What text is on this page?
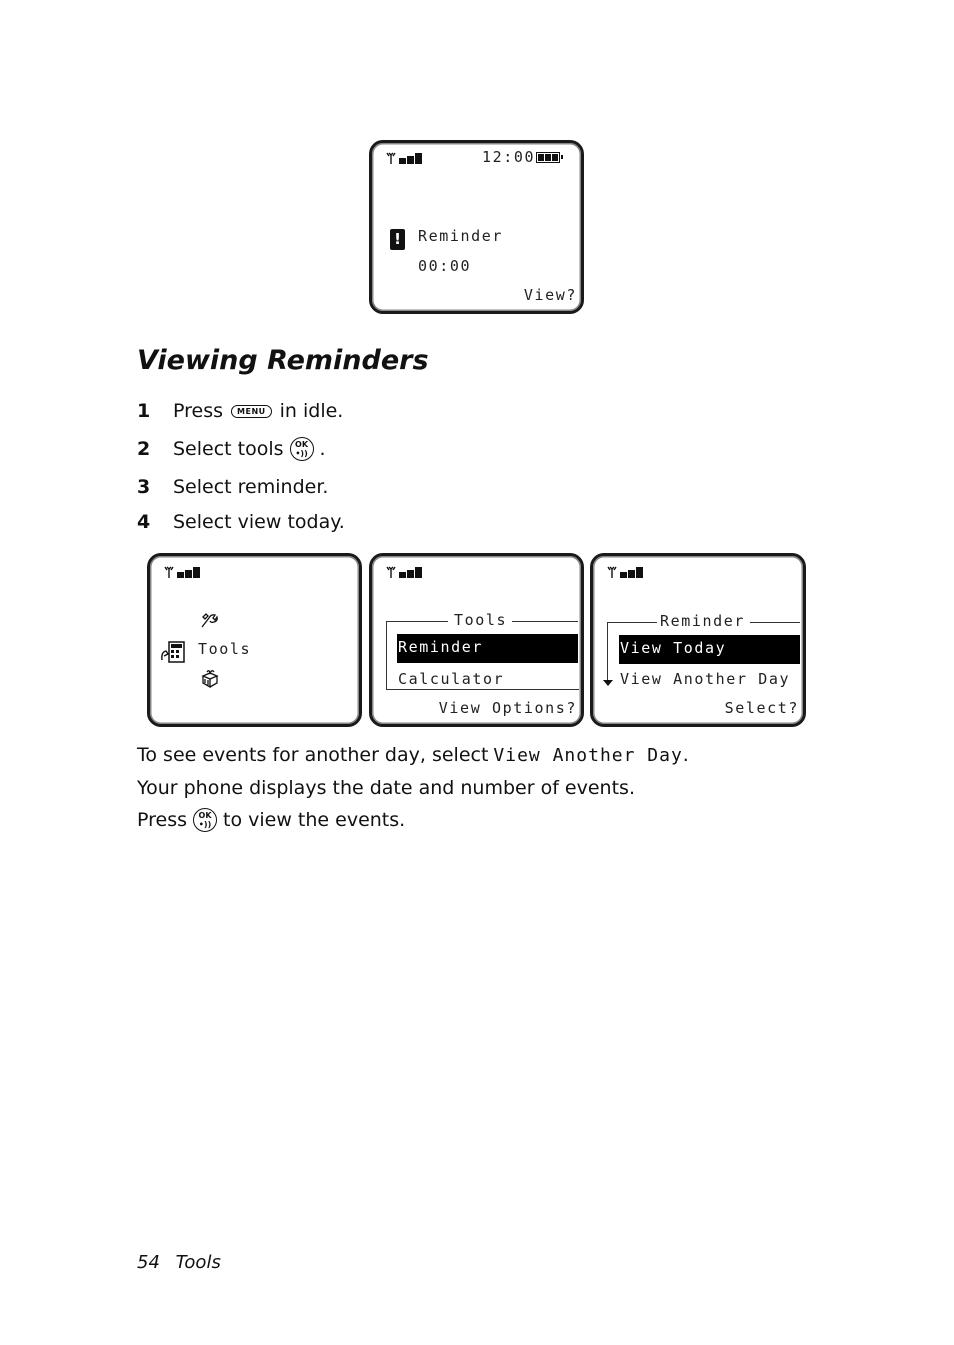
12:00
! Reminder
00:00
View?
Viewing Reminders
1	Press	MENU in idle.
2	Select tools OK
•)) .
3	Select reminder.
4	Select view today.
Tools
Tools
Reminder
Calculator
View Options?
Reminder
View Today
View Another Day
Select?
To see events for another day, select View Another Day .
Your phone displays the date and number of events.
Press OK
•)) to view the events.
54 Tools
